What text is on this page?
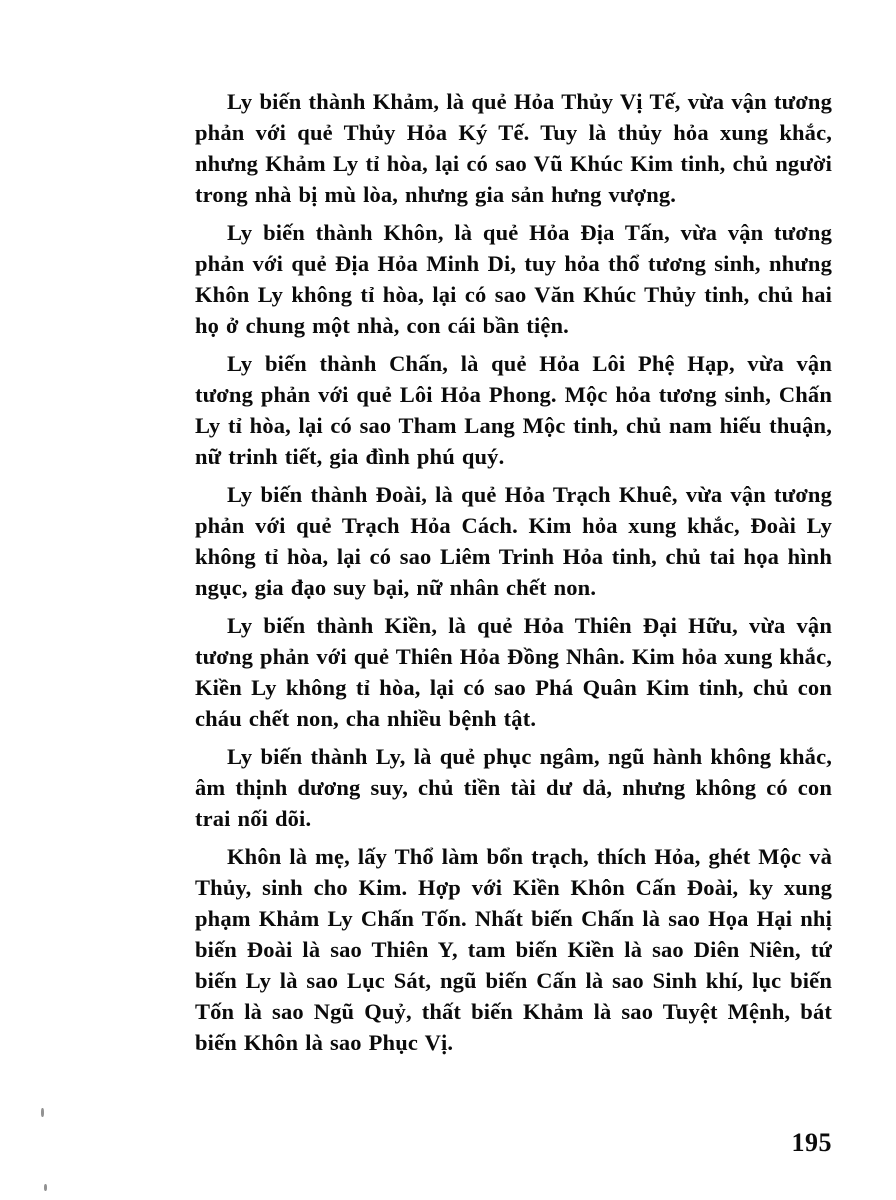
Ly biến thành Khảm, là quẻ Hỏa Thủy Vị Tế, vừa vận tương phản với quẻ Thủy Hỏa Ký Tế. Tuy là thủy hỏa xung khắc, nhưng Khảm Ly tỉ hòa, lại có sao Vũ Khúc Kim tinh, chủ người trong nhà bị mù lòa, nhưng gia sản hưng vượng.

Ly biến thành Khôn, là quẻ Hỏa Địa Tấn, vừa vận tương phản với quẻ Địa Hỏa Minh Di, tuy hỏa thổ tương sinh, nhưng Khôn Ly không tỉ hòa, lại có sao Văn Khúc Thủy tinh, chủ hai họ ở chung một nhà, con cái bần tiện.

Ly biến thành Chấn, là quẻ Hỏa Lôi Phệ Hạp, vừa vận tương phản với quẻ Lôi Hỏa Phong. Mộc hỏa tương sinh, Chấn Ly tỉ hòa, lại có sao Tham Lang Mộc tinh, chủ nam hiếu thuận, nữ trinh tiết, gia đình phú quý.

Ly biến thành Đoài, là quẻ Hỏa Trạch Khuê, vừa vận tương phản với quẻ Trạch Hỏa Cách. Kim hỏa xung khắc, Đoài Ly không tỉ hòa, lại có sao Liêm Trinh Hỏa tinh, chủ tai họa hình ngục, gia đạo suy bại, nữ nhân chết non.

Ly biến thành Kiền, là quẻ Hỏa Thiên Đại Hữu, vừa vận tương phản với quẻ Thiên Hỏa Đồng Nhân. Kim hỏa xung khắc, Kiền Ly không tỉ hòa, lại có sao Phá Quân Kim tinh, chủ con cháu chết non, cha nhiều bệnh tật.

Ly biến thành Ly, là quẻ phục ngâm, ngũ hành không khắc, âm thịnh dương suy, chủ tiền tài dư dả, nhưng không có con trai nối dõi.

Khôn là mẹ, lấy Thổ làm bổn trạch, thích Hỏa, ghét Mộc và Thủy, sinh cho Kim. Hợp với Kiền Khôn Cấn Đoài, ky xung phạm Khảm Ly Chấn Tốn. Nhất biến Chấn là sao Họa Hại nhị biến Đoài là sao Thiên Y, tam biến Kiền là sao Diên Niên, tứ biến Ly là sao Lục Sát, ngũ biến Cấn là sao Sinh khí, lục biến Tốn là sao Ngũ Quỷ, thất biến Khảm là sao Tuyệt Mệnh, bát biến Khôn là sao Phục Vị.

195
